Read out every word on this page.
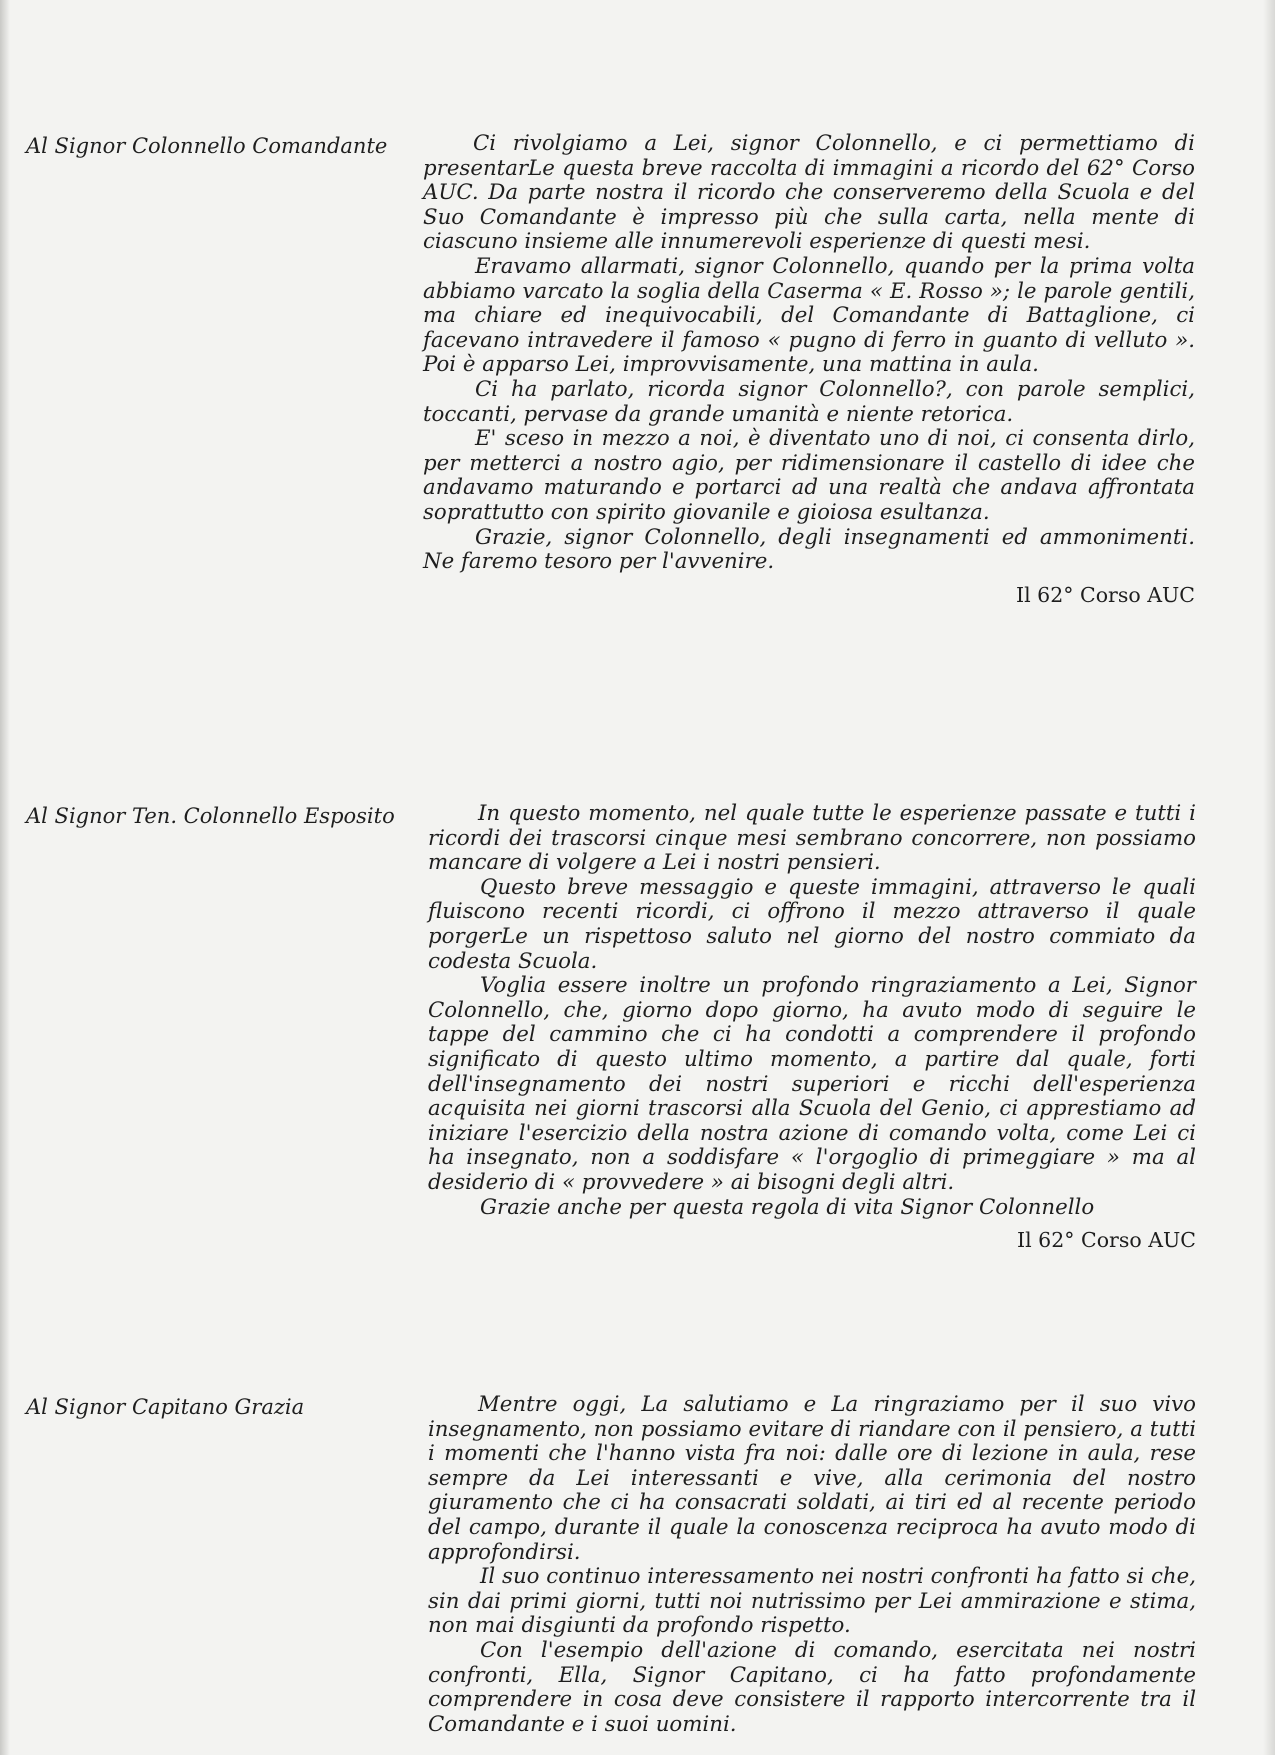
Al Signor Colonnello Comandante	Ci rivolgiamo a Lei, signor Colonnello, e ci permettiamo di presentarLe questa breve raccolta di immagini a ricordo del 62° Corso AUC. Da parte nostra il ricordo che conserveremo della Scuola e del Suo Comandante è impresso più che sulla carta, nella mente di ciascuno insieme alle innumerevoli esperienze di questi mesi.

Eravamo allarmati, signor Colonnello, quando per la prima volta abbiamo varcato la soglia della Caserma « E. Rosso »; le parole gentili, ma chiare ed inequivocabili, del Comandante di Battaglione, ci facevano intravedere il famoso « pugno di ferro in guanto di velluto ». Poi è apparso Lei, improvvisamente, una mattina in aula.

Ci ha parlato, ricorda signor Colonnello?, con parole semplici, toccanti, pervase da grande umanità e niente retorica.

E' sceso in mezzo a noi, è diventato uno di noi, ci consenta dirlo, per metterci a nostro agio, per ridimensionare il castello di idee che andavamo maturando e portarci ad una realtà che andava affrontata soprattutto con spirito giovanile e gioiosa esultanza.

Grazie, signor Colonnello, degli insegnamenti ed ammonimenti. Ne faremo tesoro per l'avvenire.

Il 62° Corso AUC
Al Signor Ten. Colonnello Esposito	In questo momento, nel quale tutte le esperienze passate e tutti i ricordi dei trascorsi cinque mesi sembrano concorrere, non possiamo mancare di volgere a Lei i nostri pensieri.

Questo breve messaggio e queste immagini, attraverso le quali fluiscono recenti ricordi, ci offrono il mezzo attraverso il quale porgerLe un rispettoso saluto nel giorno del nostro commiato da codesta Scuola.

Voglia essere inoltre un profondo ringraziamento a Lei, Signor Colonnello, che, giorno dopo giorno, ha avuto modo di seguire le tappe del cammino che ci ha condotti a comprendere il profondo significato di questo ultimo momento, a partire dal quale, forti dell'insegnamento dei nostri superiori e ricchi dell'esperienza acquisita nei giorni trascorsi alla Scuola del Genio, ci apprestiamo ad iniziare l'esercizio della nostra azione di comando volta, come Lei ci ha insegnato, non a soddisfare « l'orgoglio di primeggiare » ma al desiderio di « provvedere » ai bisogni degli altri.

Grazie anche per questa regola di vita Signor Colonnello

Il 62° Corso AUC
Al Signor Capitano Grazia	Mentre oggi, La salutiamo e La ringraziamo per il suo vivo insegnamento, non possiamo evitare di riandare con il pensiero, a tutti i momenti che l'hanno vista fra noi: dalle ore di lezione in aula, rese sempre da Lei interessanti e vive, alla cerimonia del nostro giuramento che ci ha consacrati soldati, ai tiri ed al recente periodo del campo, durante il quale la conoscenza reciproca ha avuto modo di approfondirsi.

Il suo continuo interessamento nei nostri confronti ha fatto si che, sin dai primi giorni, tutti noi nutrissimo per Lei ammirazione e stima, non mai disgiunti da profondo rispetto.

Con l'esempio dell'azione di comando, esercitata nei nostri confronti, Ella, Signor Capitano, ci ha fatto profondamente comprendere in cosa deve consistere il rapporto intercorrente tra il Comandante e i suoi uomini.
